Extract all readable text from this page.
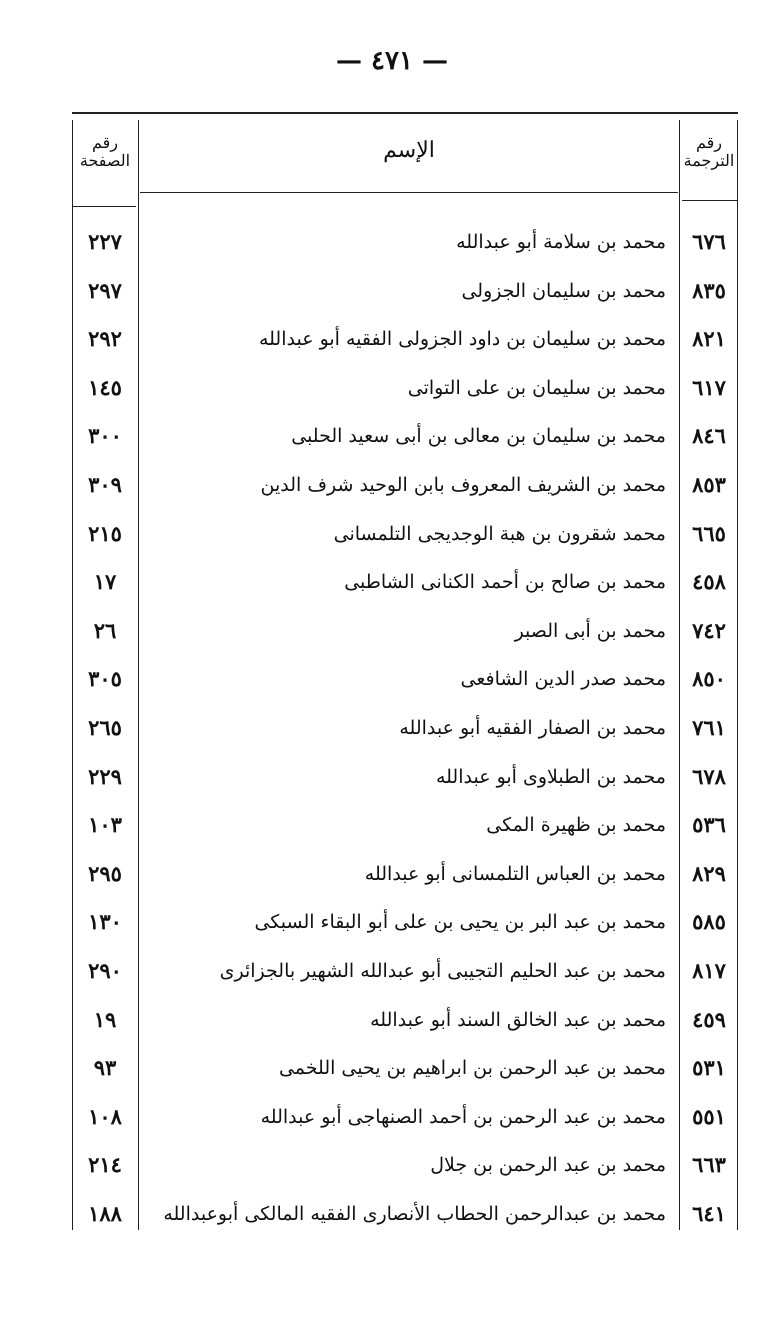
— ٤٧١ —
رقم الترجمة
الإسم
رقم الصفحة
٦٧٦
محمد بن سلامة أبو عبدالله
٢٢٧
٨٣٥
محمد بن سليمان الجزولى
٢٩٧
٨٢١
محمد بن سليمان بن داود الجزولى الفقيه أبو عبدالله
٢٩٢
٦١٧
محمد بن سليمان بن على التواتى
١٤٥
٨٤٦
محمد بن سليمان بن معالى بن أبى سعيد الحلبى
٣٠٠
٨٥٣
محمد بن الشريف المعروف بابن الوحيد شرف الدين
٣٠٩
٦٦٥
محمد شقرون بن هبة الوجديجى التلمسانى
٢١٥
٤٥٨
محمد بن صالح بن أحمد الكنانى الشاطبى
١٧
٧٤٢
محمد بن أبى الصبر
٢٦
٨٥٠
محمد صدر الدين الشافعى
٣٠٥
٧٦١
محمد بن الصفار الفقيه أبو عبدالله
٢٦٥
٦٧٨
محمد بن الطبلاوى أبو عبدالله
٢٢٩
٥٣٦
محمد بن ظهيرة المكى
١٠٣
٨٢٩
محمد بن العباس التلمسانى أبو عبدالله
٢٩٥
٥٨٥
محمد بن عبد البر بن يحيى بن على أبو البقاء السبكى
١٣٠
٨١٧
محمد بن عبد الحليم التجيبى أبو عبدالله الشهير بالجزائرى
٢٩٠
٤٥٩
محمد بن عبد الخالق السند أبو عبدالله
١٩
٥٣١
محمد بن عبد الرحمن بن ابراهيم بن يحيى اللخمى
٩٣
٥٥١
محمد بن عبد الرحمن بن أحمد الصنهاجى أبو عبدالله
١٠٨
٦٦٣
محمد بن عبد الرحمن بن جلال
٢١٤
٦٤١
محمد بن عبدالرحمن الحطاب الأنصارى الفقيه المالكى أبوعبدالله
١٨٨
